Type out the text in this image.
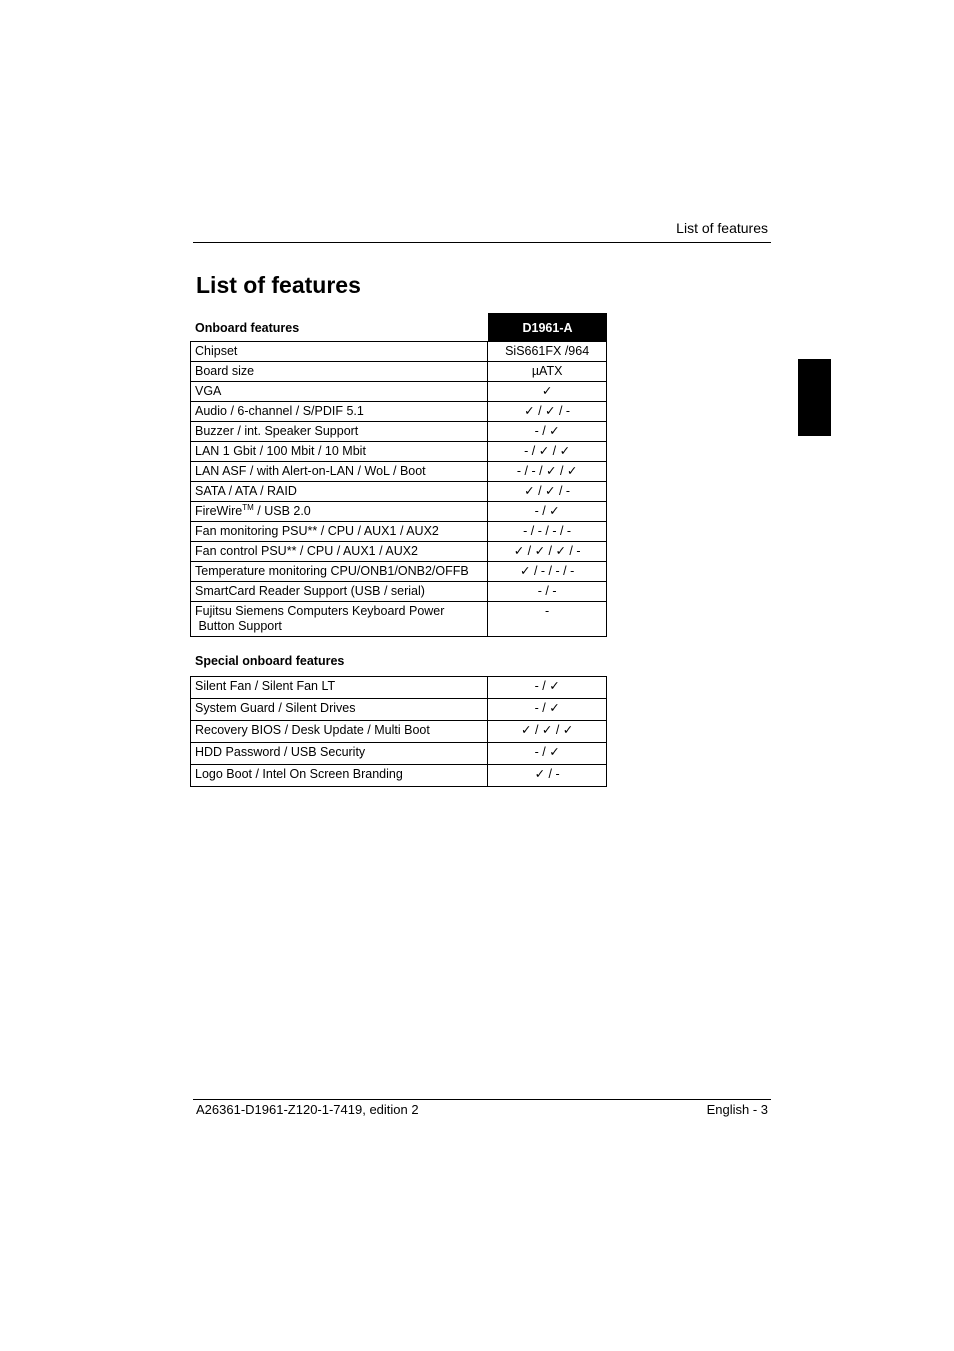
List of features
List of features
Onboard features	D1961-A
Chipset	SiS661FX /964
Board size	µATX
VGA	✓
Audio / 6-channel / S/PDIF 5.1	✓ / ✓ / -
Buzzer / int. Speaker Support	- / ✓
LAN 1 Gbit / 100 Mbit / 10 Mbit	- / ✓ / ✓
LAN ASF / with Alert-on-LAN / WoL / Boot	- / - / ✓ / ✓
SATA / ATA / RAID	✓ / ✓ / -
FireWire™ / USB 2.0	- / ✓
Fan monitoring PSU** / CPU / AUX1 / AUX2	- / - / - / -
Fan control PSU** / CPU / AUX1 / AUX2	✓ / ✓ / ✓ / -
Temperature monitoring CPU/ONB1/ONB2/OFFB	✓ / - / - / -
SmartCard Reader Support (USB / serial)	- / -
Fujitsu Siemens Computers Keyboard Power
Button Support	-
Special onboard features
Silent Fan / Silent Fan LT	- / ✓
System Guard / Silent Drives	- / ✓
Recovery BIOS / Desk Update / Multi Boot	✓ / ✓ / ✓
HDD Password / USB Security	- / ✓
Logo Boot / Intel On Screen Branding	✓ / -
A26361-D1961-Z120-1-7419, edition 2	English - 3
